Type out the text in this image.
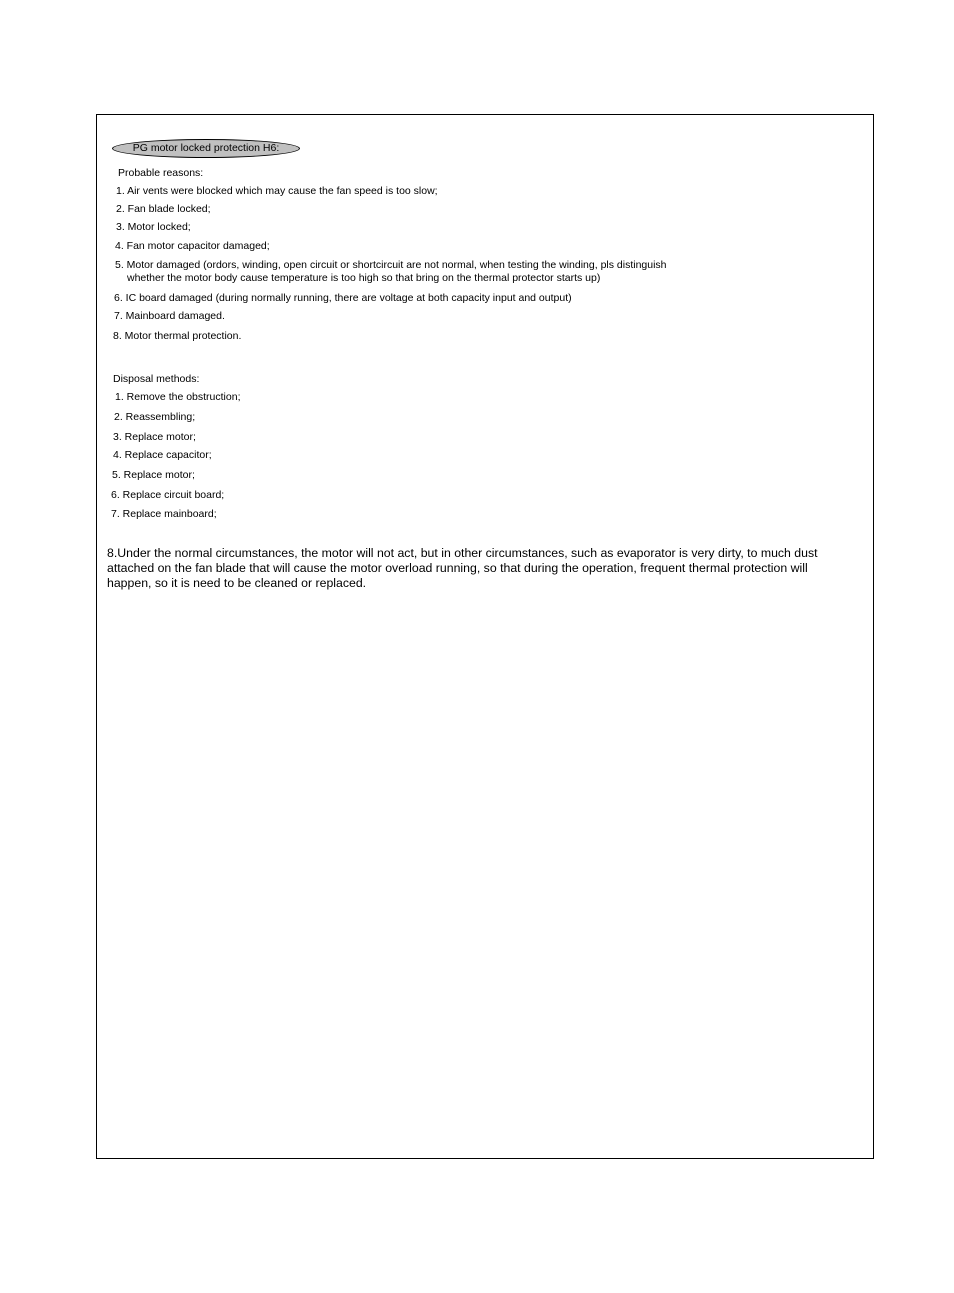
PG motor locked protection H6:
Probable reasons:
1. Air vents were blocked which may cause the fan speed is too slow;
2. Fan blade locked;
3. Motor locked;
4. Fan motor capacitor damaged;
5. Motor damaged (ordors, winding, open circuit or shortcircuit are not normal, when testing the winding, pls distinguish
whether the motor body cause temperature is too high so that bring on the thermal protector starts up)
6. IC board damaged (during normally running, there are voltage at both capacity input and output)
7. Mainboard damaged.
8. Motor thermal protection.
Disposal methods:
1. Remove the obstruction;
2. Reassembling;
3. Replace motor;
4. Replace capacitor;
5. Replace motor;
6. Replace circuit board;
7. Replace mainboard;
8.Under the normal circumstances, the motor will not act, but in other circumstances, such as evaporator is very dirty, to much dust attached on the fan blade that will cause the motor overload running, so that during the operation, frequent thermal protection will happen, so it is need to be cleaned or replaced.
